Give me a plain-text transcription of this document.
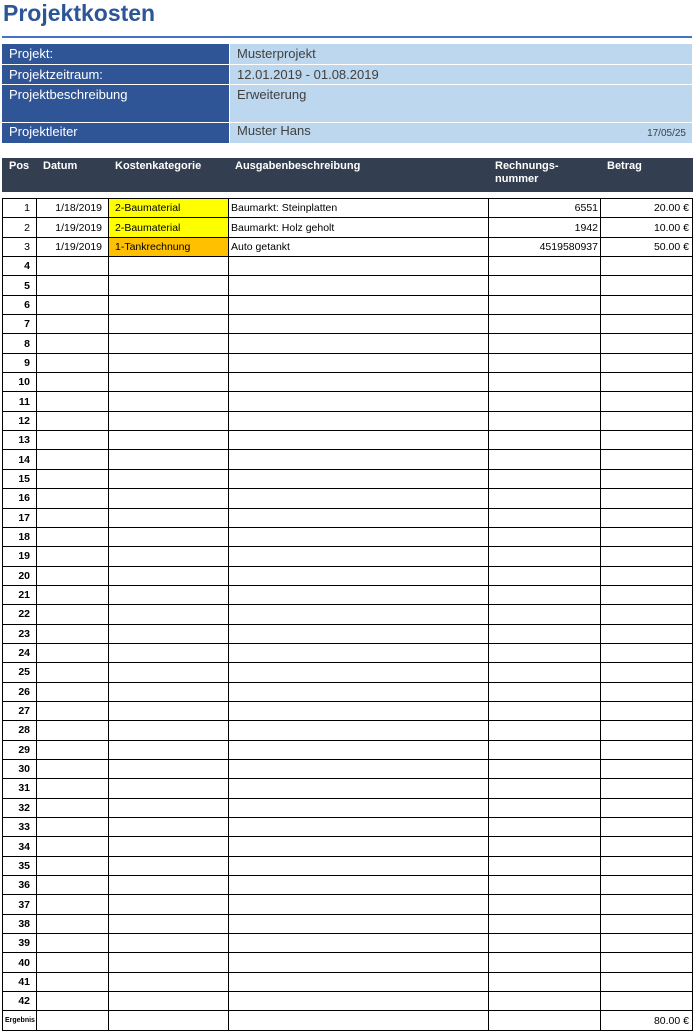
Projektkosten
Projekt:	Musterprojekt
Projektzeitraum:	12.01.2019 - 01.08.2019
Projektbeschreibung	Erweiterung
Projektleiter	Muster Hans	17/05/25
Pos	Datum	Kostenkategorie	Ausgabenbeschreibung	Rechnungs- nummer	Betrag

1	1/18/2019	2-Baumaterial	Baumarkt: Steinplatten	6551	20.00 €
2	1/19/2019	2-Baumaterial	Baumarkt: Holz geholt	1942	10.00 €
3	1/19/2019	1-Tankrechnung	Auto getankt	4519580937	50.00 €
4					
5					
6					
7					
8					
9					
10					
11					
12					
13					
14					
15					
16					
17					
18					
19					
20					
21					
22					
23					
24					
25					
26					
27					
28					
29					
30					
31					
32					
33					
34					
35					
36					
37					
38					
39					
40					
41					
42					
Ergebnis					80.00 €
